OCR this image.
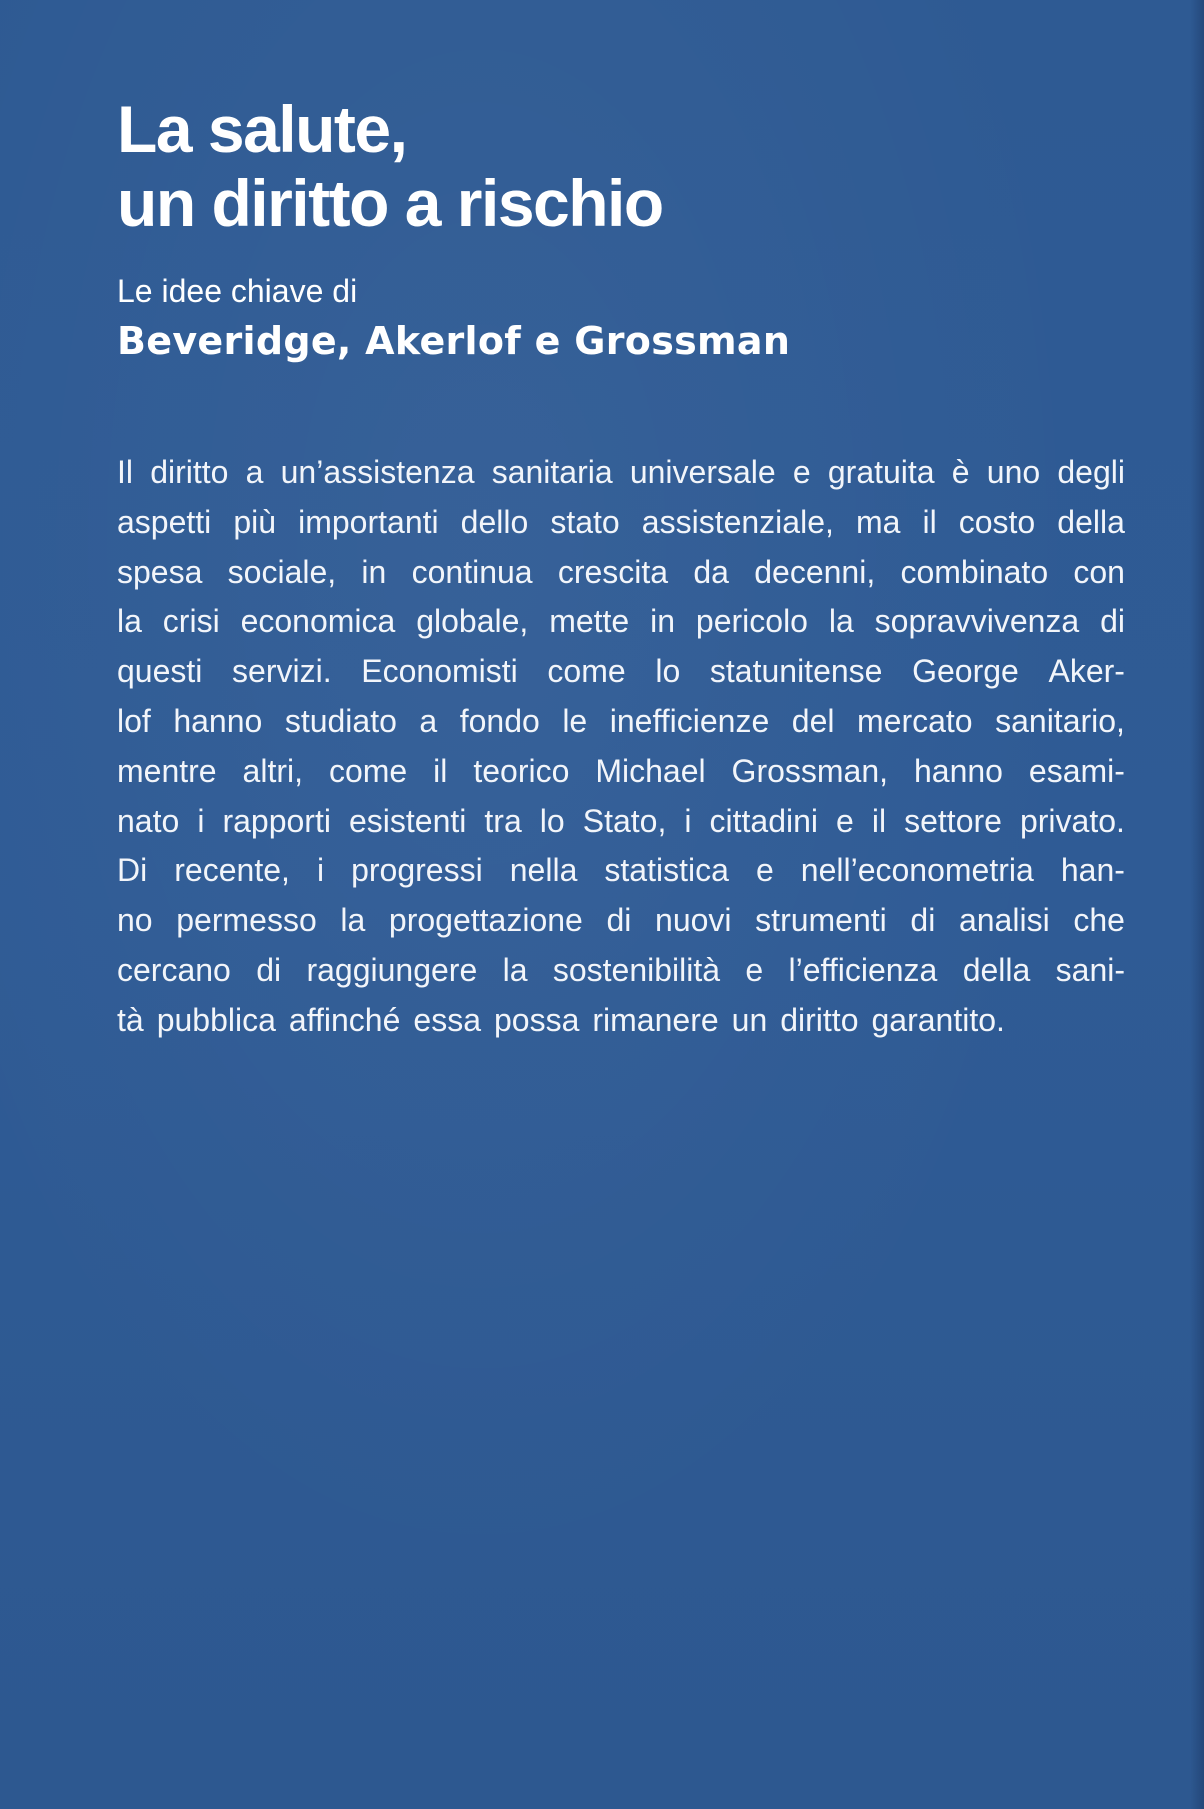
La salute,
un diritto a rischio

Le idee chiave di

Beveridge, Akerlof e Grossman

Il diritto a un’assistenza sanitaria universale e gratuita è uno degli
aspetti più importanti dello stato assistenziale, ma il costo della
spesa sociale, in continua crescita da decenni, combinato con
la crisi economica globale, mette in pericolo la sopravvivenza di
questi servizi. Economisti come lo statunitense George Aker-
lof hanno studiato a fondo le inefficienze del mercato sanitario,
mentre altri, come il teorico Michael Grossman, hanno esami-
nato i rapporti esistenti tra lo Stato, i cittadini e il settore privato.
Di recente, i progressi nella statistica e nell’econometria han-
no permesso la progettazione di nuovi strumenti di analisi che
cercano di raggiungere la sostenibilità e l’efficienza della sani-
tà pubblica affinché essa possa rimanere un diritto garantito.
